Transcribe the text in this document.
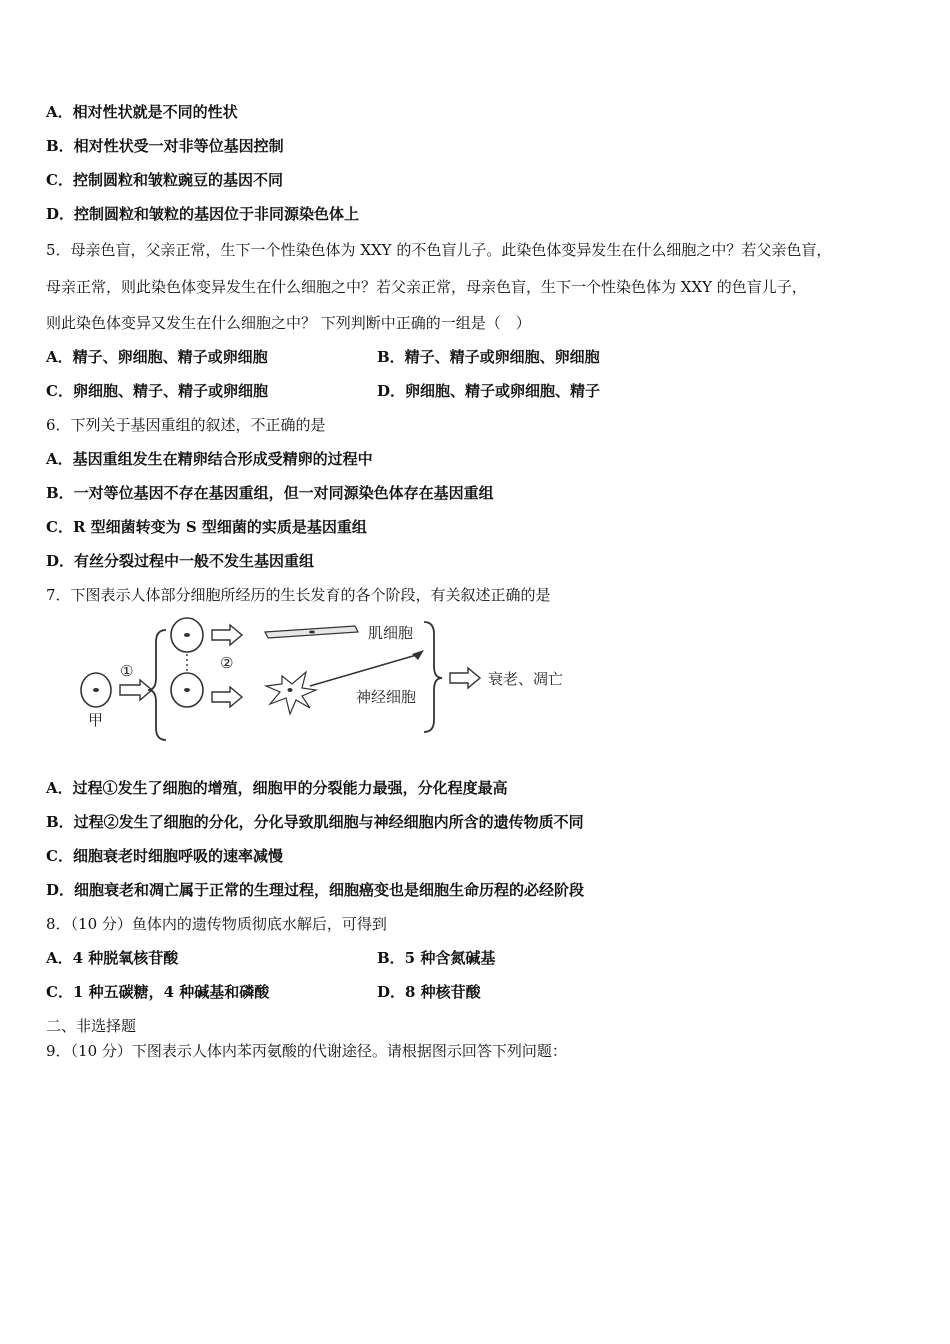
A．相对性状就是不同的性状
B．相对性状受一对非等位基因控制
C．控制圆粒和皱粒豌豆的基因不同
D．控制圆粒和皱粒的基因位于非同源染色体上
5．母亲色盲，父亲正常，生下一个性染色体为 XXY 的不色盲儿子。此染色体变异发生在什么细胞之中？若父亲色盲，
母亲正常，则此染色体变异发生在什么细胞之中？若父亲正常，母亲色盲，生下一个性染色体为 XXY 的色盲儿子，
则此染色体变异又发生在什么细胞之中？ 下列判断中正确的一组是（　）
A．精子、卵细胞、精子或卵细胞	B．精子、精子或卵细胞、卵细胞
C．卵细胞、精子、精子或卵细胞	D．卵细胞、精子或卵细胞、精子
6．下列关于基因重组的叙述，不正确的是
A．基因重组发生在精卵结合形成受精卵的过程中
B．一对等位基因不存在基因重组，但一对同源染色体存在基因重组
C．R 型细菌转变为 S 型细菌的实质是基因重组
D．有丝分裂过程中一般不发生基因重组
7．下图表示人体部分细胞所经历的生长发育的各个阶段，有关叙述正确的是
甲
①	②
肌细胞
神经细胞
衰老、凋亡
A．过程①发生了细胞的增殖，细胞甲的分裂能力最强，分化程度最高
B．过程②发生了细胞的分化，分化导致肌细胞与神经细胞内所含的遗传物质不同
C．细胞衰老时细胞呼吸的速率减慢
D．细胞衰老和凋亡属于正常的生理过程，细胞癌变也是细胞生命历程的必经阶段
8．（10 分）鱼体内的遗传物质彻底水解后，可得到
A．4 种脱氧核苷酸	B．5 种含氮碱基
C．1 种五碳糖，4 种碱基和磷酸	D．8 种核苷酸
二、非选择题
9．（10 分）下图表示人体内苯丙氨酸的代谢途径。请根据图示回答下列问题：
